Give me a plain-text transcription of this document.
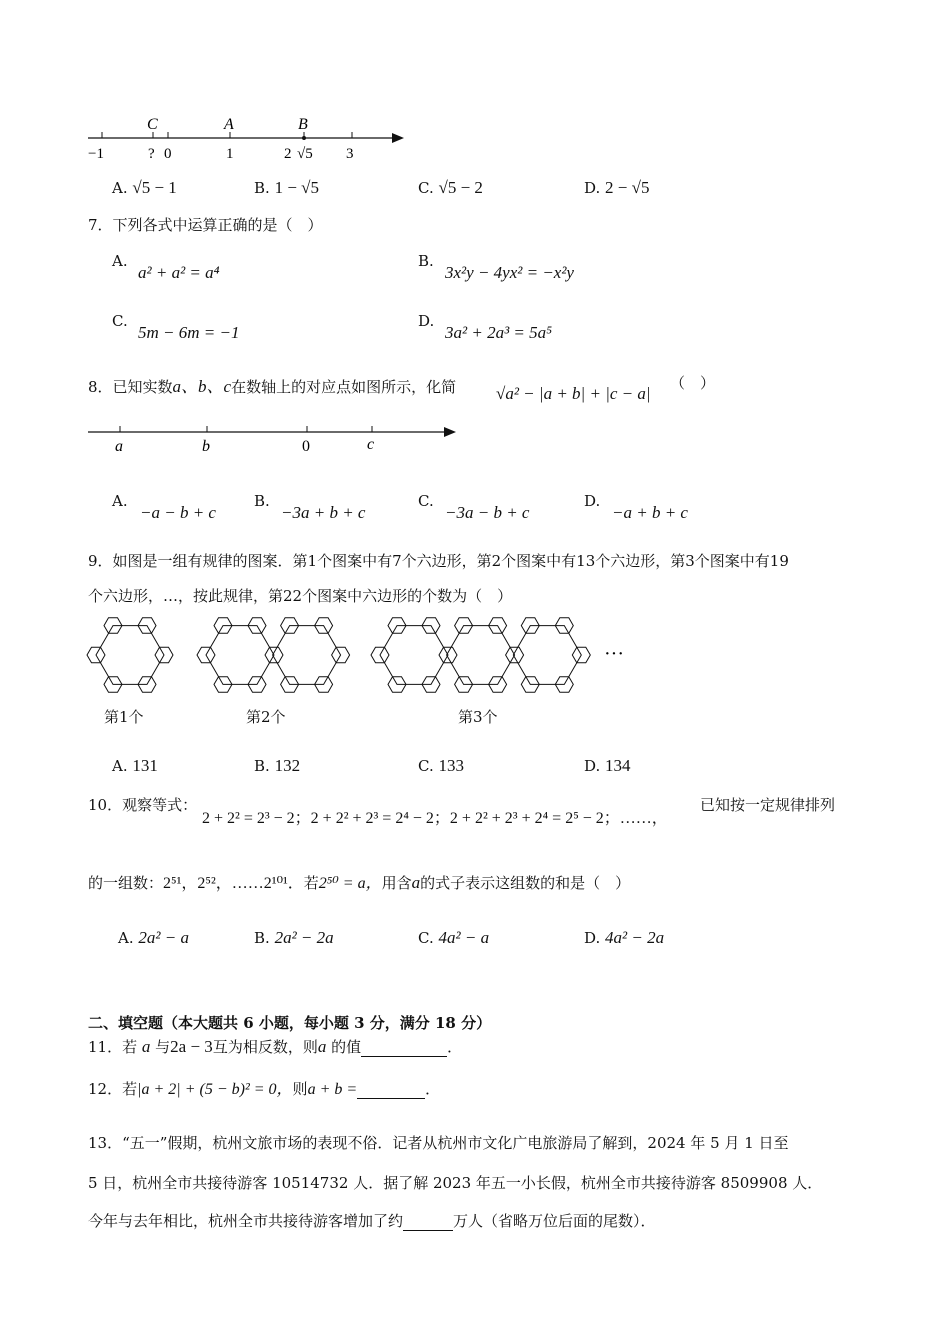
C	A	B
−1	? 0	1	2 √5 3
A. √5 − 1	B. 1 − √5	C. √5 − 2	D. 2 − √5
7．下列各式中运算正确的是（　）
A.
a² + a² = a⁴
B.
3x²y − 4yx² = −x²y
C.
5m − 6m = −1
D.
3a² + 2a³ = 5a⁵
8．已知实数a、b、c在数轴上的对应点如图所示，化简 √a² − |a + b| + |c − a|
（　）
a	b	0	c
A.
−a − b + c
B.
−3a + b + c
C.
−3a − b + c
D.
−a + b + c
9．如图是一组有规律的图案．第1个图案中有7个六边形，第2个图案中有13个六边形，第3个图案中有19
个六边形，…，按此规律，第22个图案中六边形的个数为（　）
···
第1个	第2个	第3个
A. 131	B. 132	C. 133	D. 134
10．观察等式：
2 + 2² = 2³ − 2；2 + 2² + 2³ = 2⁴ − 2；2 + 2² + 2³ + 2⁴ = 2⁵ − 2；……，
已知按一定规律排列
的一组数：2⁵¹，2⁵²，……2¹⁰¹．若2⁵⁰ = a，用含a的式子表示这组数的和是（　）
A. 2a² − a	B. 2a² − 2a	C. 4a² − a	D. 4a² − 2a
二、填空题（本大题共 6 小题，每小题 3 分，满分 18 分）
11．若 a 与2a − 3互为相反数，则a 的值	．
12．若|a + 2| + (5 − b)² = 0，则a + b =	．
13．“五一”假期，杭州文旅市场的表现不俗．记者从杭州市文化广电旅游局了解到，2024 年 5 月 1 日至
5 日，杭州全市共接待游客 10514732 人．据了解 2023 年五一小长假，杭州全市共接待游客 8509908 人．
今年与去年相比，杭州全市共接待游客增加了约	万人（省略万位后面的尾数）．
